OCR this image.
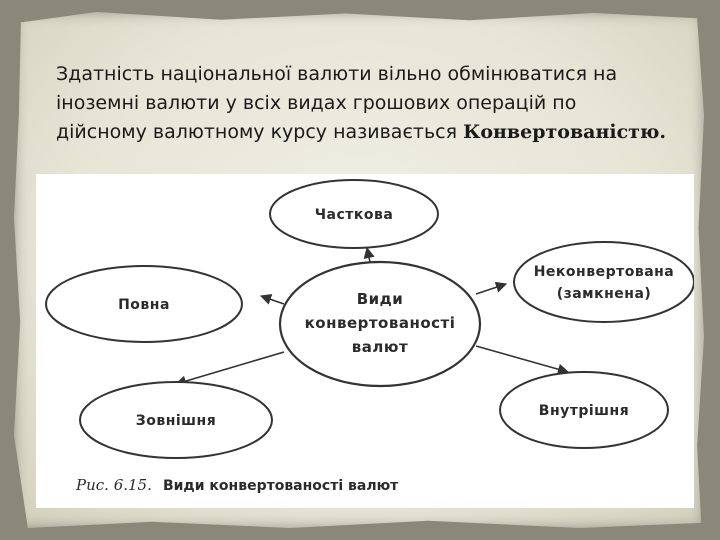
Здатність національної валюти вільно обмінюватися на
іноземні валюти у всіх видах грошових операцій по
дійсному валютному курсу називається Конвертованістю.
Часткова
Повна
Неконвертована
(замкнена)
Зовнішня
Внутрішня
Види
конвертованості
валют
Рис. 6.15. Види конвертованості валют
